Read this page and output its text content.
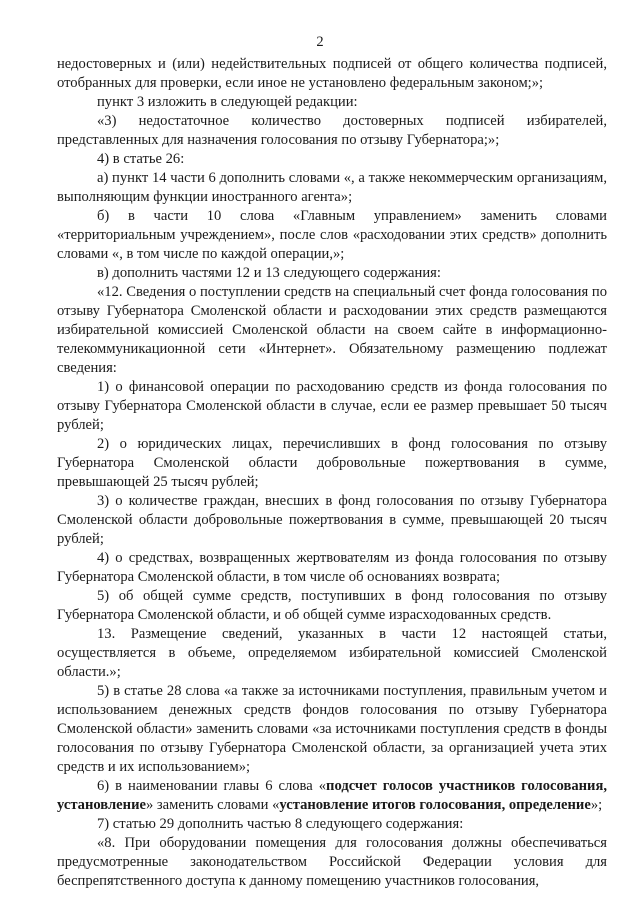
2

недостоверных и (или) недействительных подписей от общего количества подписей, отобранных для проверки, если иное не установлено федеральным законом;»;

пункт 3 изложить в следующей редакции:

«3) недостаточное количество достоверных подписей избирателей, представленных для назначения голосования по отзыву Губернатора;»;

4) в статье 26:

а) пункт 14 части 6 дополнить словами «, а также некоммерческим организациям, выполняющим функции иностранного агента»;

б) в части 10 слова «Главным управлением» заменить словами «территориальным учреждением», после слов «расходовании этих средств» дополнить словами «, в том числе по каждой операции,»;

в) дополнить частями 12 и 13 следующего содержания:

«12. Сведения о поступлении средств на специальный счет фонда голосования по отзыву Губернатора Смоленской области и расходовании этих средств размещаются избирательной комиссией Смоленской области на своем сайте в информационно-телекоммуникационной сети «Интернет». Обязательному размещению подлежат сведения:

1) о финансовой операции по расходованию средств из фонда голосования по отзыву Губернатора Смоленской области в случае, если ее размер превышает 50 тысяч рублей;

2) о юридических лицах, перечисливших в фонд голосования по отзыву Губернатора Смоленской области добровольные пожертвования в сумме, превышающей 25 тысяч рублей;

3) о количестве граждан, внесших в фонд голосования по отзыву Губернатора Смоленской области добровольные пожертвования в сумме, превышающей 20 тысяч рублей;

4) о средствах, возвращенных жертвователям из фонда голосования по отзыву Губернатора Смоленской области, в том числе об основаниях возврата;

5) об общей сумме средств, поступивших в фонд голосования по отзыву Губернатора Смоленской области, и об общей сумме израсходованных средств.

13. Размещение сведений, указанных в части 12 настоящей статьи, осуществляется в объеме, определяемом избирательной комиссией Смоленской области.»;

5) в статье 28 слова «а также за источниками поступления, правильным учетом и использованием денежных средств фондов голосования по отзыву Губернатора Смоленской области» заменить словами «за источниками поступления средств в фонды голосования по отзыву Губернатора Смоленской области, за организацией учета этих средств и их использованием»;

6) в наименовании главы 6 слова «подсчет голосов участников голосования, установление» заменить словами «установление итогов голосования, определение»;

7) статью 29 дополнить частью 8 следующего содержания:

«8. При оборудовании помещения для голосования должны обеспечиваться предусмотренные законодательством Российской Федерации условия для беспрепятственного доступа к данному помещению участников голосования,
